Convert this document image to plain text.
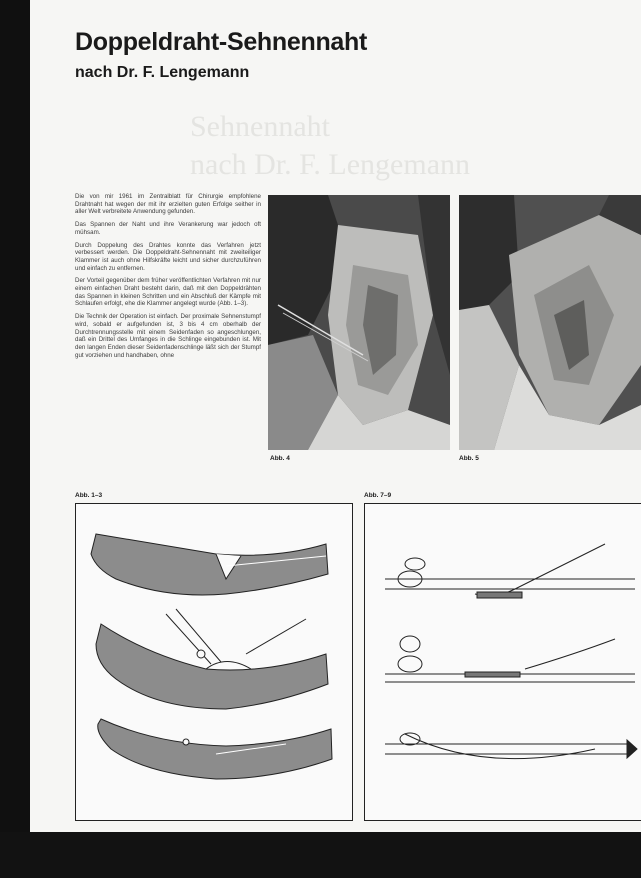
Doppeldraht-Sehnennaht
nach Dr. F. Lengemann
Sehnennaht
nach Dr. F. Lengemann

Die von mir 1961 im Zentralblatt für Chirurgie empfohlene Drahtnaht hat wegen der mit ihr erzielten guten Erfolge seither in aller Welt verbreitete Anwendung gefunden.

Das Spannen der Naht und ihre Verankerung war jedoch oft mühsam.

Durch Doppelung des Drahtes konnte das Verfahren jetzt verbessert werden. Die Doppeldraht-Sehnennaht mit zweiteiliger Klammer ist auch ohne Hilfskräfte leicht und sicher durchzuführen und einfach zu entfernen.

Der Vorteil gegenüber dem früher veröffentlichten Verfahren mit nur einem einfachen Draht besteht darin, daß mit den Doppeldrähten das Spannen in kleinen Schritten und ein Abschluß der Kämpfe mit Schlaufen erfolgt, ehe die Klammer angelegt wurde (Abb. 1–3).

Die Technik der Operation ist einfach. Der proximale Sehnenstumpf wird, sobald er aufgefunden ist, 3 bis 4 cm oberhalb der Durchtrennungsstelle mit einem Seidenfaden so angeschlungen, daß ein Drittel des Umfanges in die Schlinge eingebunden ist. Mit den langen Enden dieser Seidenfadenschlinge läßt sich der Stumpf gut vorziehen und handhaben, ohne

Abb. 4	Abb. 5
Abb. 1–3	Abb. 7–9
